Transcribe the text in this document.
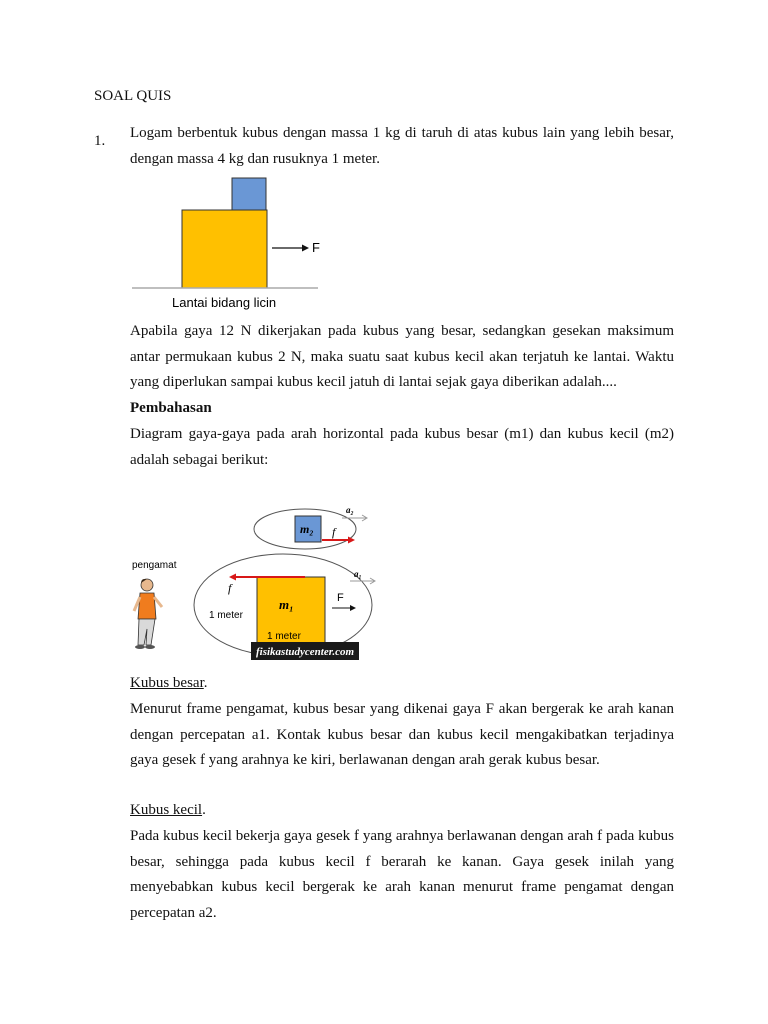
SOAL QUIS
1. Logam berbentuk kubus dengan massa 1 kg di taruh di atas kubus lain yang lebih besar, dengan massa 4 kg dan rusuknya 1 meter.

F
Lantai bidang licin

Apabila gaya 12 N dikerjakan pada kubus yang besar, sedangkan gesekan maksimum antar permukaan kubus 2 N, maka suatu saat kubus kecil akan terjatuh ke lantai. Waktu yang diperlukan sampai kubus kecil jatuh di lantai sejak gaya diberikan adalah....

Pembahasan

Diagram gaya-gaya pada arah horizontal pada kubus besar (m1) dan kubus kecil (m2) adalah sebagai berikut:

m₂ f
a₂
pengamat
m₁
f
a₁
F
1 meter
1 meter
fisikastudycenter.com
Kubus besar.

Menurut frame pengamat, kubus besar yang dikenai gaya F akan bergerak ke arah kanan dengan percepatan a1. Kontak kubus besar dan kubus kecil mengakibatkan terjadinya gaya gesek f yang arahnya ke kiri, berlawanan dengan arah gerak kubus besar.

Kubus kecil.

Pada kubus kecil bekerja gaya gesek f yang arahnya berlawanan dengan arah f pada kubus besar, sehingga pada kubus kecil f berarah ke kanan. Gaya gesek inilah yang menyebabkan kubus kecil bergerak ke arah kanan menurut frame pengamat dengan percepatan a2.
